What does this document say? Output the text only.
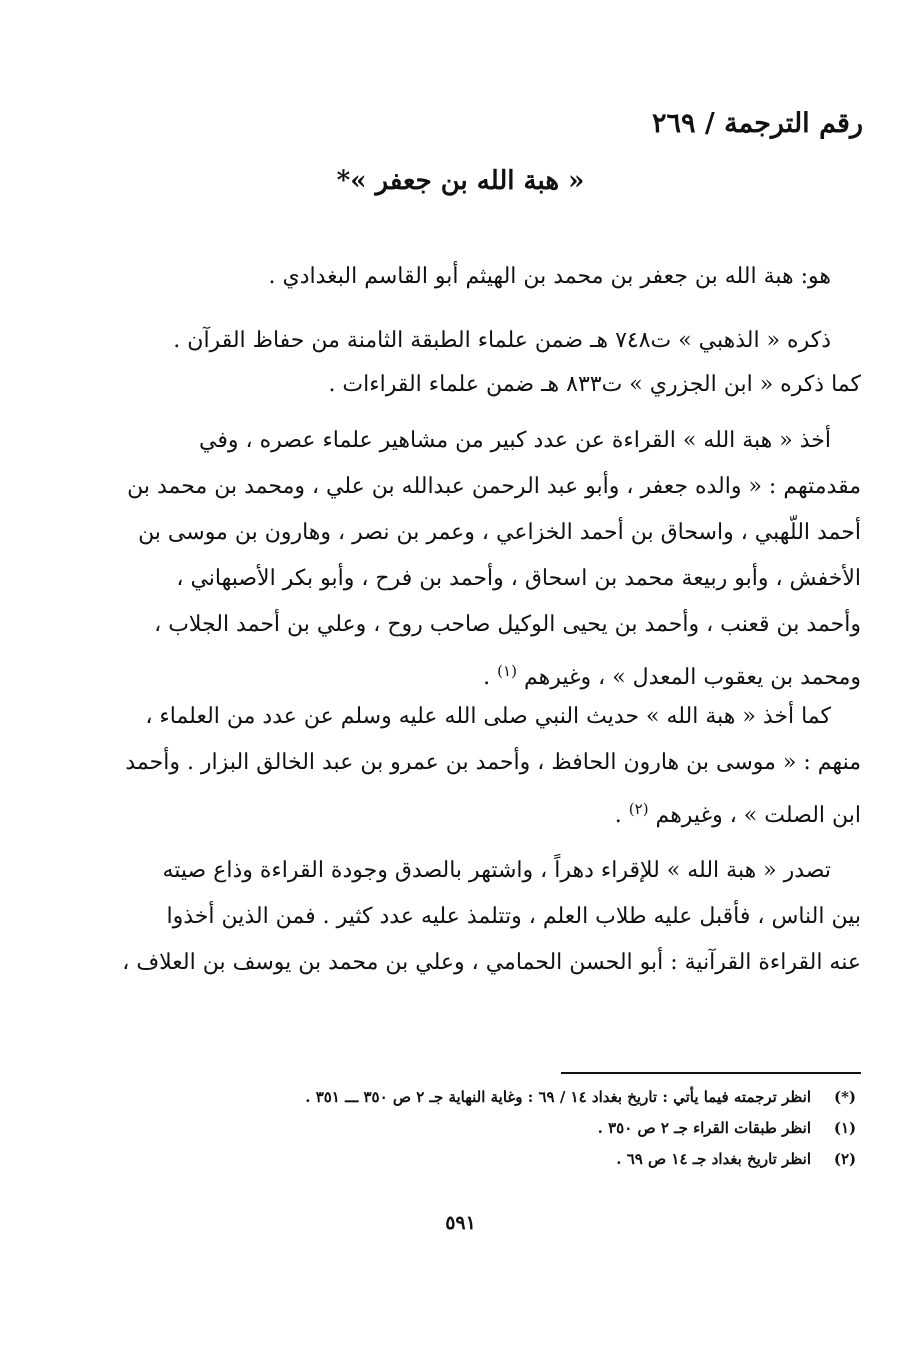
رقم الترجمة / ٢٦٩
« هبة الله بن جعفر »*

هو: هبة الله بن جعفر بن محمد بن الهيثم أبو القاسم البغدادي .

ذكره « الذهبي » ت٧٤٨ هـ ضمن علماء الطبقة الثامنة من حفاظ القرآن .

كما ذكره « ابن الجزري » ت٨٣٣ هـ ضمن علماء القراءات .

أخذ « هبة الله » القراءة عن عدد كبير من مشاهير علماء عصره ، وفي
مقدمتهم : « والده جعفر ، وأبو عبد الرحمن عبدالله بن علي ، ومحمد بن محمد بن
أحمد اللّهبي ، واسحاق بن أحمد الخزاعي ، وعمر بن نصر ، وهارون بن موسى بن
الأخفش ، وأبو ربيعة محمد بن اسحاق ، وأحمد بن فرح ، وأبو بكر الأصبهاني ،
وأحمد بن قعنب ، وأحمد بن يحيى الوكيل صاحب روح ، وعلي بن أحمد الجلاب ،
ومحمد بن يعقوب المعدل » ، وغيرهم $^{(١)}$ .

كما أخذ « هبة الله » حديث النبي صلى الله عليه وسلم عن عدد من العلماء ،
منهم : « موسى بن هارون الحافظ ، وأحمد بن عمرو بن عبد الخالق البزار . وأحمد
ابن الصلت » ، وغيرهم $^{(٢)}$ .

تصدر « هبة الله » للإقراء دهراً ، واشتهر بالصدق وجودة القراءة وذاع صيته
بين الناس ، فأقبل عليه طلاب العلم ، وتتلمذ عليه عدد كثير . فمن الذين أخذوا
عنه القراءة القرآنية : أبو الحسن الحمامي ، وعلي بن محمد بن يوسف بن العلاف ،

(*)انظر ترجمته فيما يأتي : تاريخ بغداد ١٤ / ٦٩ : وغاية النهاية جـ ٢ ص ٣٥٠ ـــ ٣٥١ .
(١)انظر طبقات القراء جـ ٢ ص ٣٥٠ .
(٢)انظر تاريخ بغداد جـ ١٤ ص ٦٩ .
٥٩١
